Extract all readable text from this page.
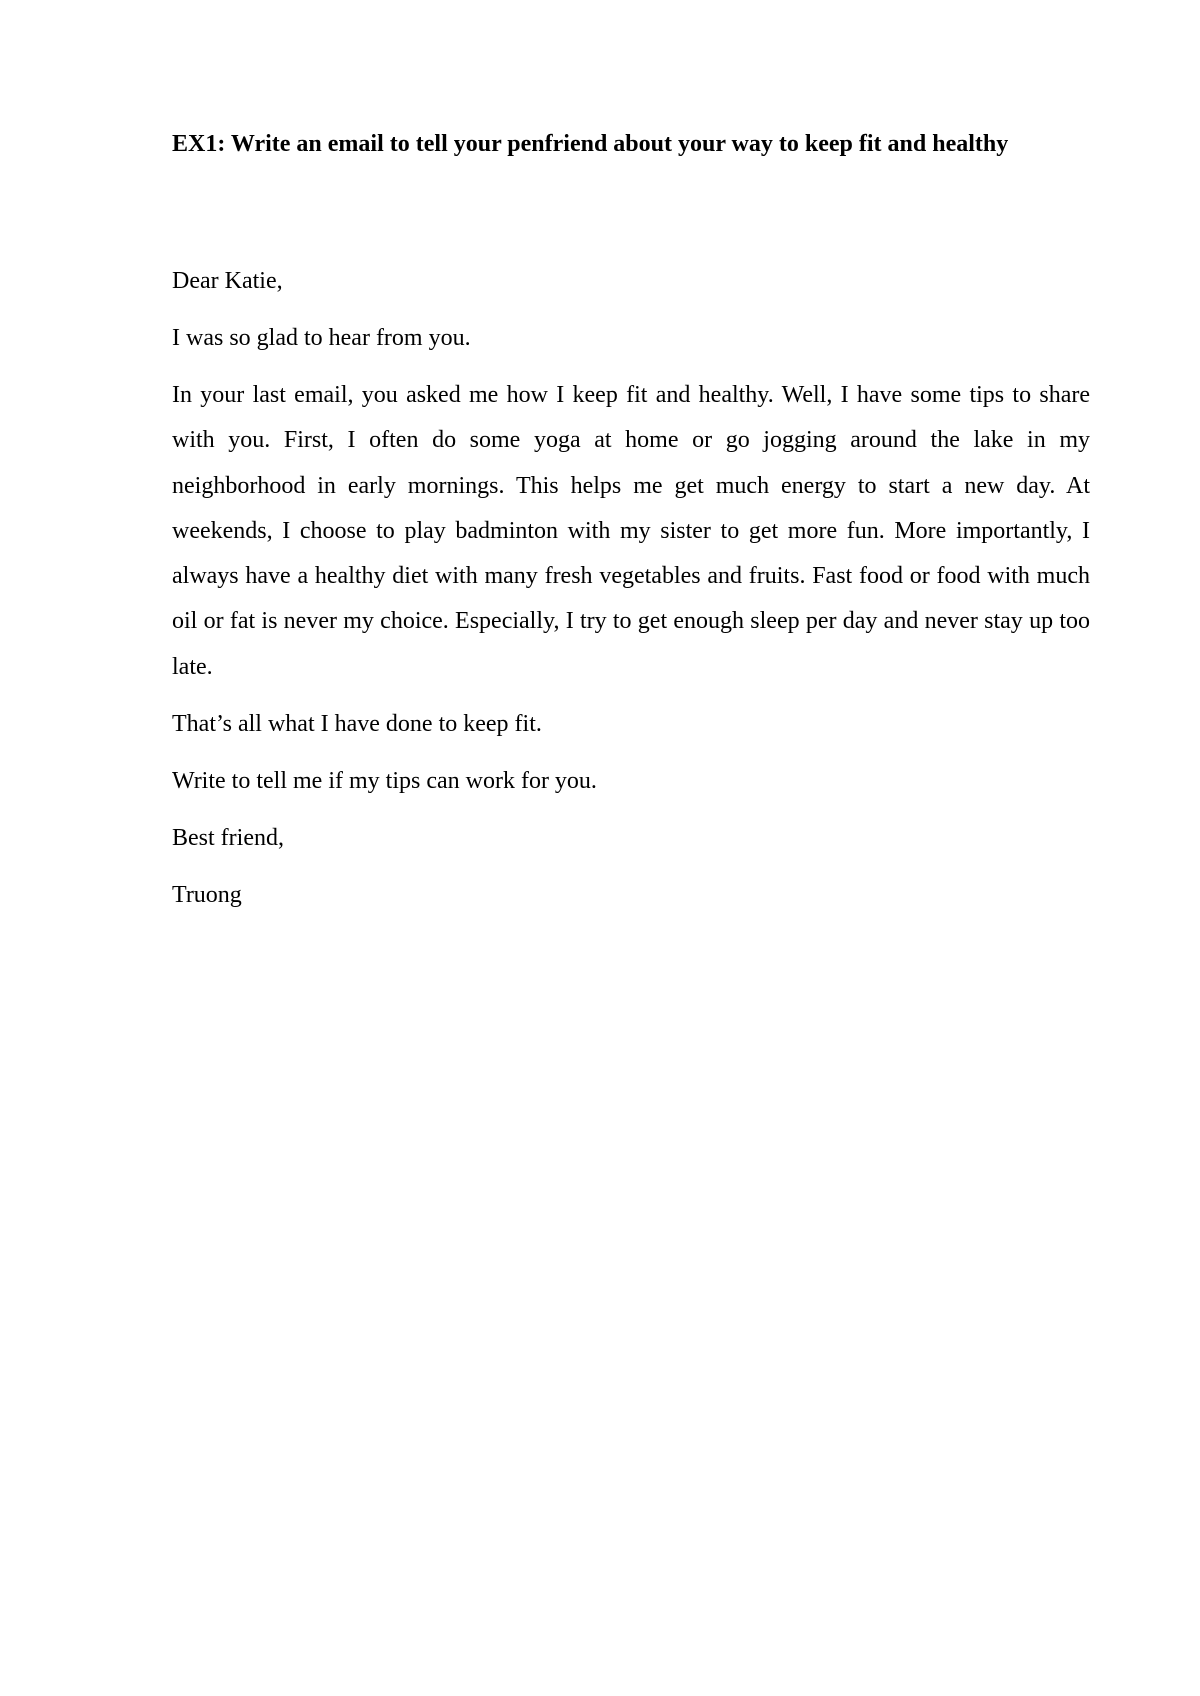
EX1: Write an email to tell your penfriend about your way to keep fit and healthy

Dear Katie,

I was so glad to hear from you.

In your last email, you asked me how I keep fit and healthy. Well, I have some tips to share with you. First, I often do some yoga at home or go jogging around the lake in my neighborhood in early mornings. This helps me get much energy to start a new day. At weekends, I choose to play badminton with my sister to get more fun. More importantly, I always have a healthy diet with many fresh vegetables and fruits. Fast food or food with much oil or fat is never my choice. Especially, I try to get enough sleep per day and never stay up too late.

That’s all what I have done to keep fit.

Write to tell me if my tips can work for you.

Best friend,

Truong
